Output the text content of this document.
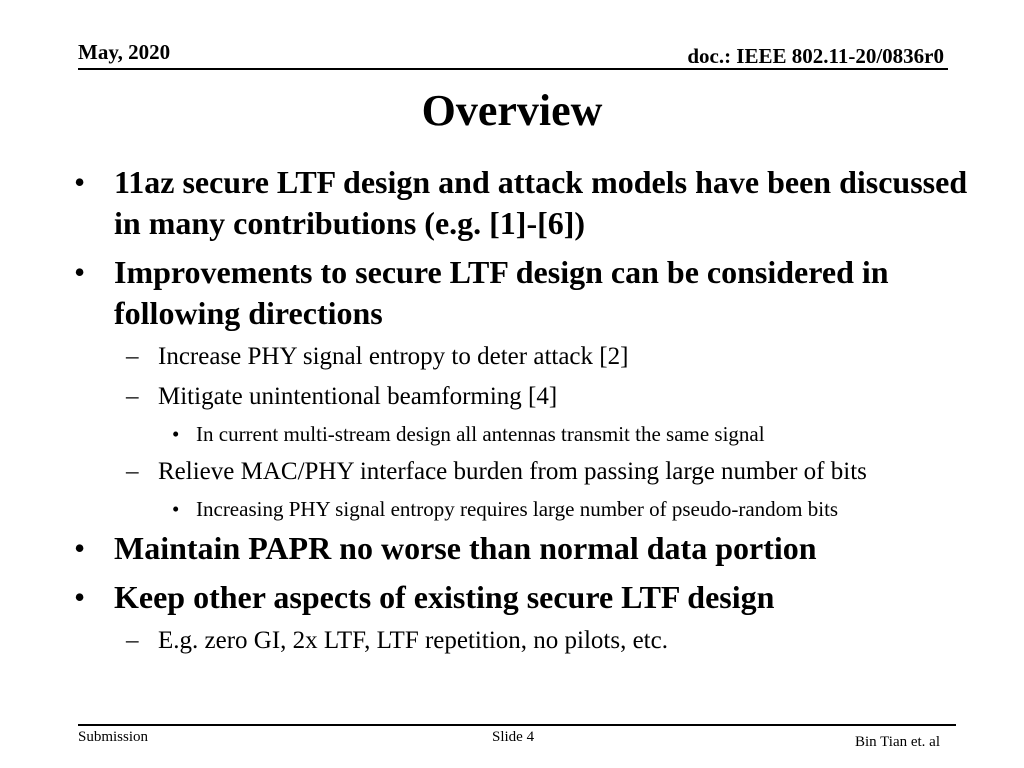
May, 2020	doc.: IEEE 802.11-20/0836r0
Overview
• 11az secure LTF design and attack models have been discussed in many contributions (e.g. [1]-[6])
• Improvements to secure LTF design can be considered in following directions
– Increase PHY signal entropy to deter attack [2]
– Mitigate unintentional beamforming [4]
• In current multi-stream design all antennas transmit the same signal
– Relieve MAC/PHY interface burden from passing large number of bits
• Increasing PHY signal entropy requires large number of pseudo-random bits
• Maintain PAPR no worse than normal data portion
• Keep other aspects of existing secure LTF design
– E.g. zero GI, 2x LTF, LTF repetition, no pilots, etc.
Submission	Slide 4	Bin Tian et. al
